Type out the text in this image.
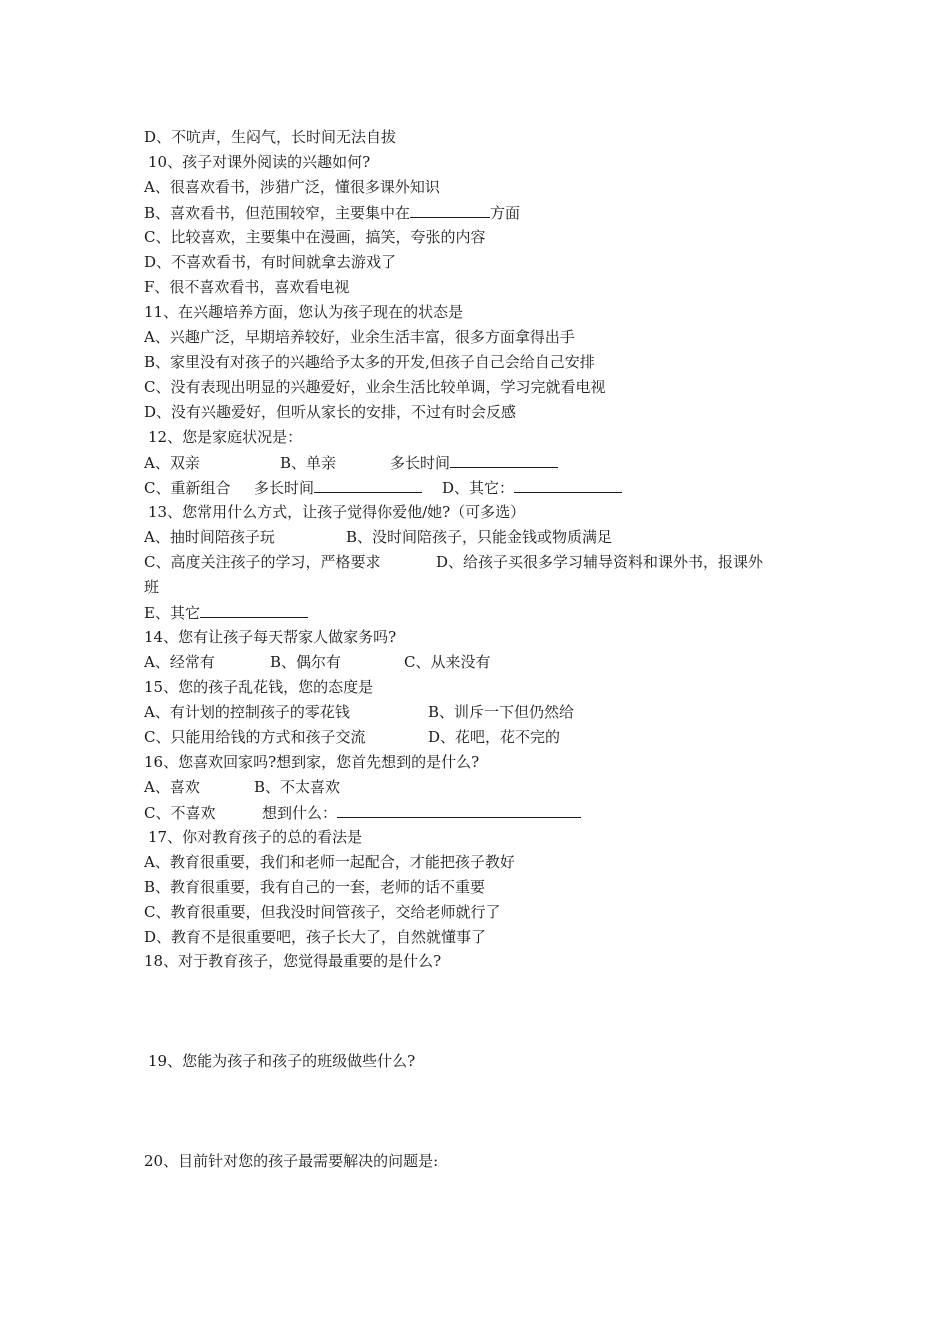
D、不吭声，生闷气，长时间无法自拔
10、孩子对课外阅读的兴趣如何?
A、很喜欢看书，涉猎广泛，懂很多课外知识
B、喜欢看书，但范围较窄，主要集中在	方面
C、比较喜欢，主要集中在漫画，搞笑，夸张的内容
D、不喜欢看书，有时间就拿去游戏了
F、很不喜欢看书，喜欢看电视
11、在兴趣培养方面，您认为孩子现在的状态是
A、兴趣广泛，早期培养较好，业余生活丰富，很多方面拿得出手
B、家里没有对孩子的兴趣给予太多的开发,但孩子自己会给自己安排
C、没有表现出明显的兴趣爱好，业余生活比较单调，学习完就看电视
D、没有兴趣爱好，但听从家长的安排，不过有时会反感
12、您是家庭状况是：
A、双亲	B、单亲	多长时间
C、重新组合 多长时间	D、其它：
13、您常用什么方式，让孩子觉得你爱他/她?（可多选）
A、抽时间陪孩子玩	B、没时间陪孩子，只能金钱或物质满足
C、高度关注孩子的学习，严格要求	D、给孩子买很多学习辅导资料和课外书，报课外
班
E、其它
14、您有让孩子每天帮家人做家务吗?
A、经常有	B、偶尔有	C、从来没有
15、您的孩子乱花钱，您的态度是
A、有计划的控制孩子的零花钱	B、训斥一下但仍然给
C、只能用给钱的方式和孩子交流	D、花吧，花不完的
16、您喜欢回家吗?想到家，您首先想到的是什么?
A、喜欢	B、不太喜欢
C、不喜欢	想到什么：
17、你对教育孩子的总的看法是
A、教育很重要，我们和老师一起配合，才能把孩子教好
B、教育很重要，我有自己的一套，老师的话不重要
C、教育很重要，但我没时间管孩子，交给老师就行了
D、教育不是很重要吧，孩子长大了，自然就懂事了
18、对于教育孩子，您觉得最重要的是什么?
19、您能为孩子和孩子的班级做些什么?
20、目前针对您的孩子最需要解决的问题是:
